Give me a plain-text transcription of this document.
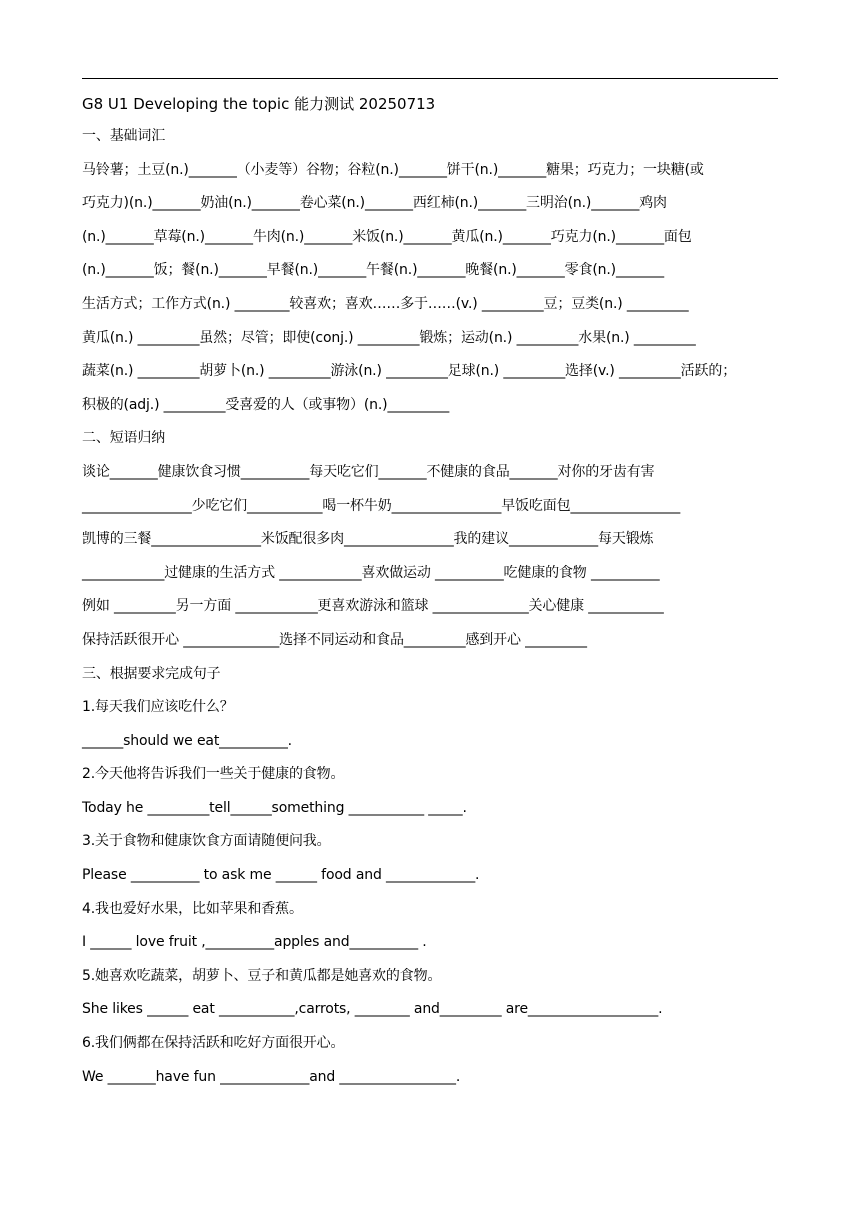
G8 U1 Developing the topic 能力测试 20250713
一、基础词汇
马铃薯；土豆(n.)_______（小麦等）谷物；谷粒(n.)_______饼干(n.)_______糖果；巧克力；一块糖(或
巧克力)(n.)_______奶油(n.)_______卷心菜(n.)_______西红柿(n.)_______三明治(n.)_______鸡肉
(n.)_______草莓(n.)_______牛肉(n.)_______米饭(n.)_______黄瓜(n.)_______巧克力(n.)_______面包
(n.)_______饭；餐(n.)_______早餐(n.)_______午餐(n.)_______晚餐(n.)_______零食(n.)_______
生活方式；工作方式(n.) ________较喜欢；喜欢……多于……(v.) _________豆；豆类(n.) _________
黄瓜(n.) _________虽然；尽管；即使(conj.) _________锻炼；运动(n.) _________水果(n.) _________
蔬菜(n.) _________胡萝卜(n.) _________游泳(n.) _________足球(n.) _________选择(v.) _________活跃的；
积极的(adj.) _________受喜爱的人（或事物）(n.)_________
二、短语归纳
谈论_______健康饮食习惯__________每天吃它们_______不健康的食品_______对你的牙齿有害
________________少吃它们___________喝一杯牛奶________________早饭吃面包________________
凯博的三餐________________米饭配很多肉________________我的建议_____________每天锻炼
____________过健康的生活方式 ____________喜欢做运动 __________吃健康的食物 __________
例如 _________另一方面 ____________更喜欢游泳和篮球 ______________关心健康 ___________
保持活跃很开心 ______________选择不同运动和食品_________感到开心 _________
三、根据要求完成句子
1.每天我们应该吃什么？
______should we eat__________.
2.今天他将告诉我们一些关于健康的食物。
Today he _________tell______something ___________ _____.
3.关于食物和健康饮食方面请随便问我。
Please __________ to ask me ______ food and _____________.
4.我也爱好水果，比如苹果和香蕉。
I ______ love fruit ,__________apples and__________ .
5.她喜欢吃蔬菜，胡萝卜、豆子和黄瓜都是她喜欢的食物。
She likes ______ eat ___________,carrots, ________ and_________ are___________________.
6.我们俩都在保持活跃和吃好方面很开心。
We _______have fun _____________and _________________.
